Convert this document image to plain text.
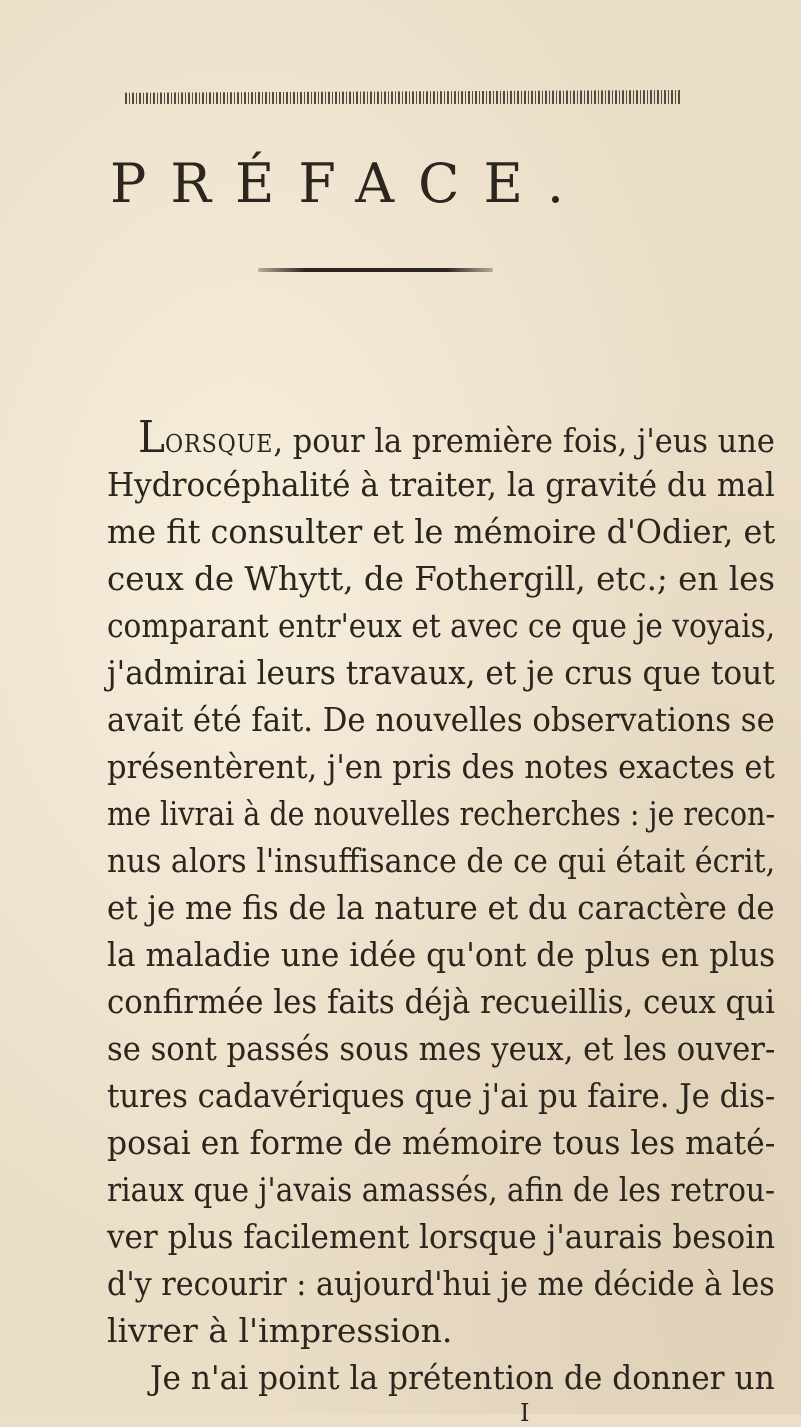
PRÉFACE.
LORSQUE, pour la première fois, j'eus une
Hydrocéphalité à traiter, la gravité du mal
me fit consulter et le mémoire d'Odier, et
ceux de Whytt, de Fothergill, etc.; en les
comparant entr'eux et avec ce que je voyais,
j'admirai leurs travaux, et je crus que tout
avait été fait. De nouvelles observations se
présentèrent, j'en pris des notes exactes et
me livrai à de nouvelles recherches : je recon-
nus alors l'insuffisance de ce qui était écrit,
et je me fis de la nature et du caractère de
la maladie une idée qu'ont de plus en plus
confirmée les faits déjà recueillis, ceux qui
se sont passés sous mes yeux, et les ouver-
tures cadavériques que j'ai pu faire. Je dis-
posai en forme de mémoire tous les maté-
riaux que j'avais amassés, afin de les retrou-
ver plus facilement lorsque j'aurais besoin
d'y recourir : aujourd'hui je me décide à les
livrer à l'impression.
Je n'ai point la prétention de donner un
I
